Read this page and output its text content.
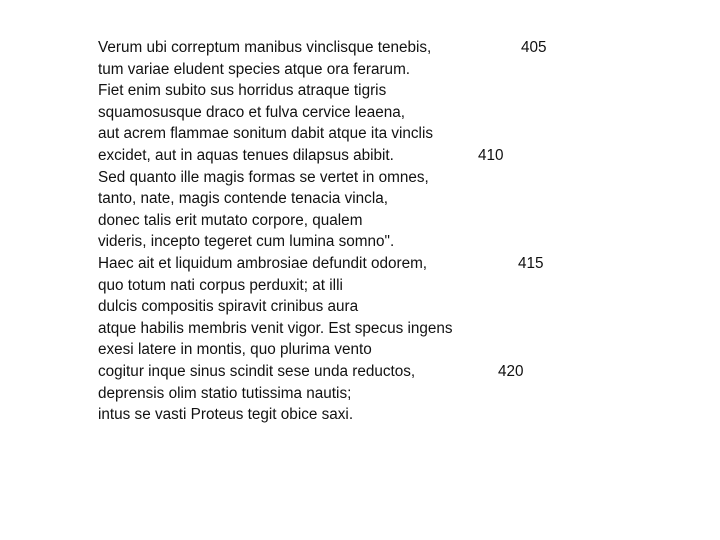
Verum ubi correptum manibus vinclisque tenebis,	405
tum variae eludent species atque ora ferarum.
Fiet enim subito sus horridus atraque tigris
squamosusque draco et fulva cervice leaena,
aut acrem flammae sonitum dabit atque ita vinclis
excidet, aut in aquas tenues dilapsus abibit.	410
Sed quanto ille magis formas se vertet in omnes,
tanto, nate, magis contende tenacia vincla,
donec talis erit mutato corpore, qualem
videris, incepto tegeret cum lumina somno".
Haec ait et liquidum ambrosiae defundit odorem,	415
quo totum nati corpus perduxit; at illi
dulcis compositis spiravit crinibus aura
atque habilis membris venit vigor. Est specus ingens
exesi latere in montis, quo plurima vento
cogitur inque sinus scindit sese unda reductos,	420
deprensis olim statio tutissima nautis;
intus se vasti Proteus tegit obice saxi.
